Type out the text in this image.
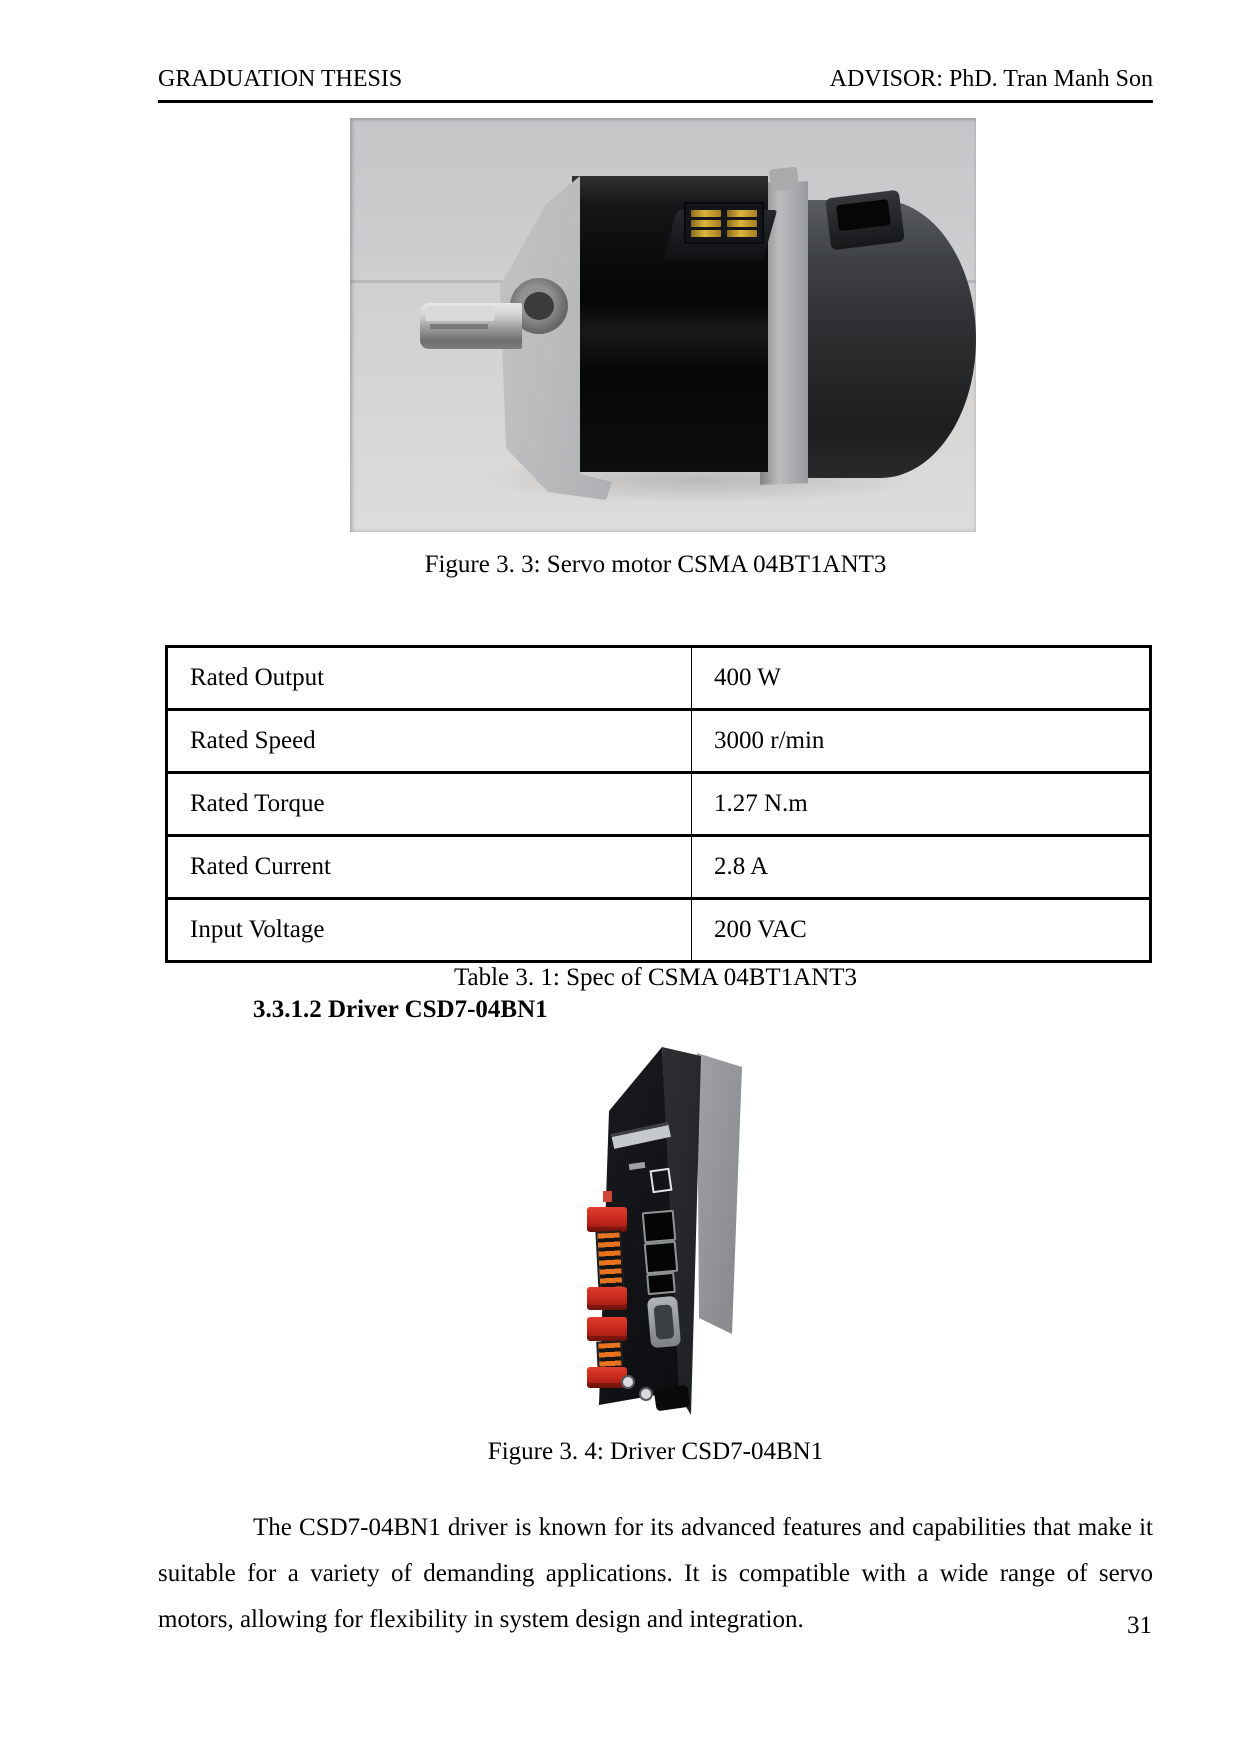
GRADUATION THESIS	ADVISOR: PhD. Tran Manh Son
Figure 3. 3: Servo motor CSMA 04BT1ANT3
Rated Output	400 W
Rated Speed	3000 r/min
Rated Torque	1.27 N.m
Rated Current	2.8 A
Input Voltage	200 VAC
Table 3. 1: Spec of CSMA 04BT1ANT3
3.3.1.2 Driver CSD7-04BN1
Figure 3. 4: Driver CSD7-04BN1

The CSD7-04BN1 driver is known for its advanced features and capabilities that make it suitable for a variety of demanding applications. It is compatible with a wide range of servo motors, allowing for flexibility in system design and integration.	31
